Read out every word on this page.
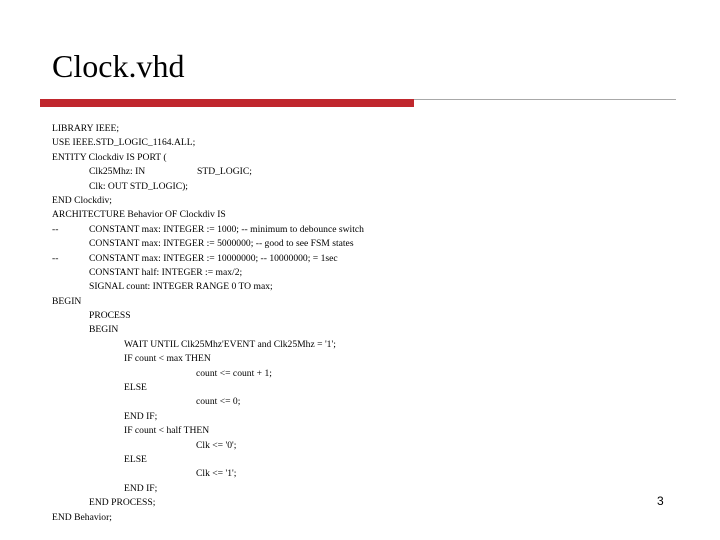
Clock.vhd
LIBRARY IEEE;
USE IEEE.STD_LOGIC_1164.ALL;
ENTITY Clockdiv IS PORT (
Clk25Mhz: IN	STD_LOGIC;
Clk: OUT STD_LOGIC);
END Clockdiv;
ARCHITECTURE Behavior OF Clockdiv IS
--	CONSTANT max: INTEGER := 1000; -- minimum to debounce switch
CONSTANT max: INTEGER := 5000000; -- good to see FSM states
--	CONSTANT max: INTEGER := 10000000; -- 10000000; = 1sec
CONSTANT half: INTEGER := max/2;
SIGNAL count: INTEGER RANGE 0 TO max;
BEGIN
PROCESS
BEGIN
WAIT UNTIL Clk25Mhz'EVENT and Clk25Mhz = '1';
IF count < max THEN
count <= count + 1;
ELSE
count <= 0;
END IF;
IF count < half THEN
Clk <= '0';
ELSE
Clk <= '1';
END IF;
END PROCESS;
END Behavior;
3
